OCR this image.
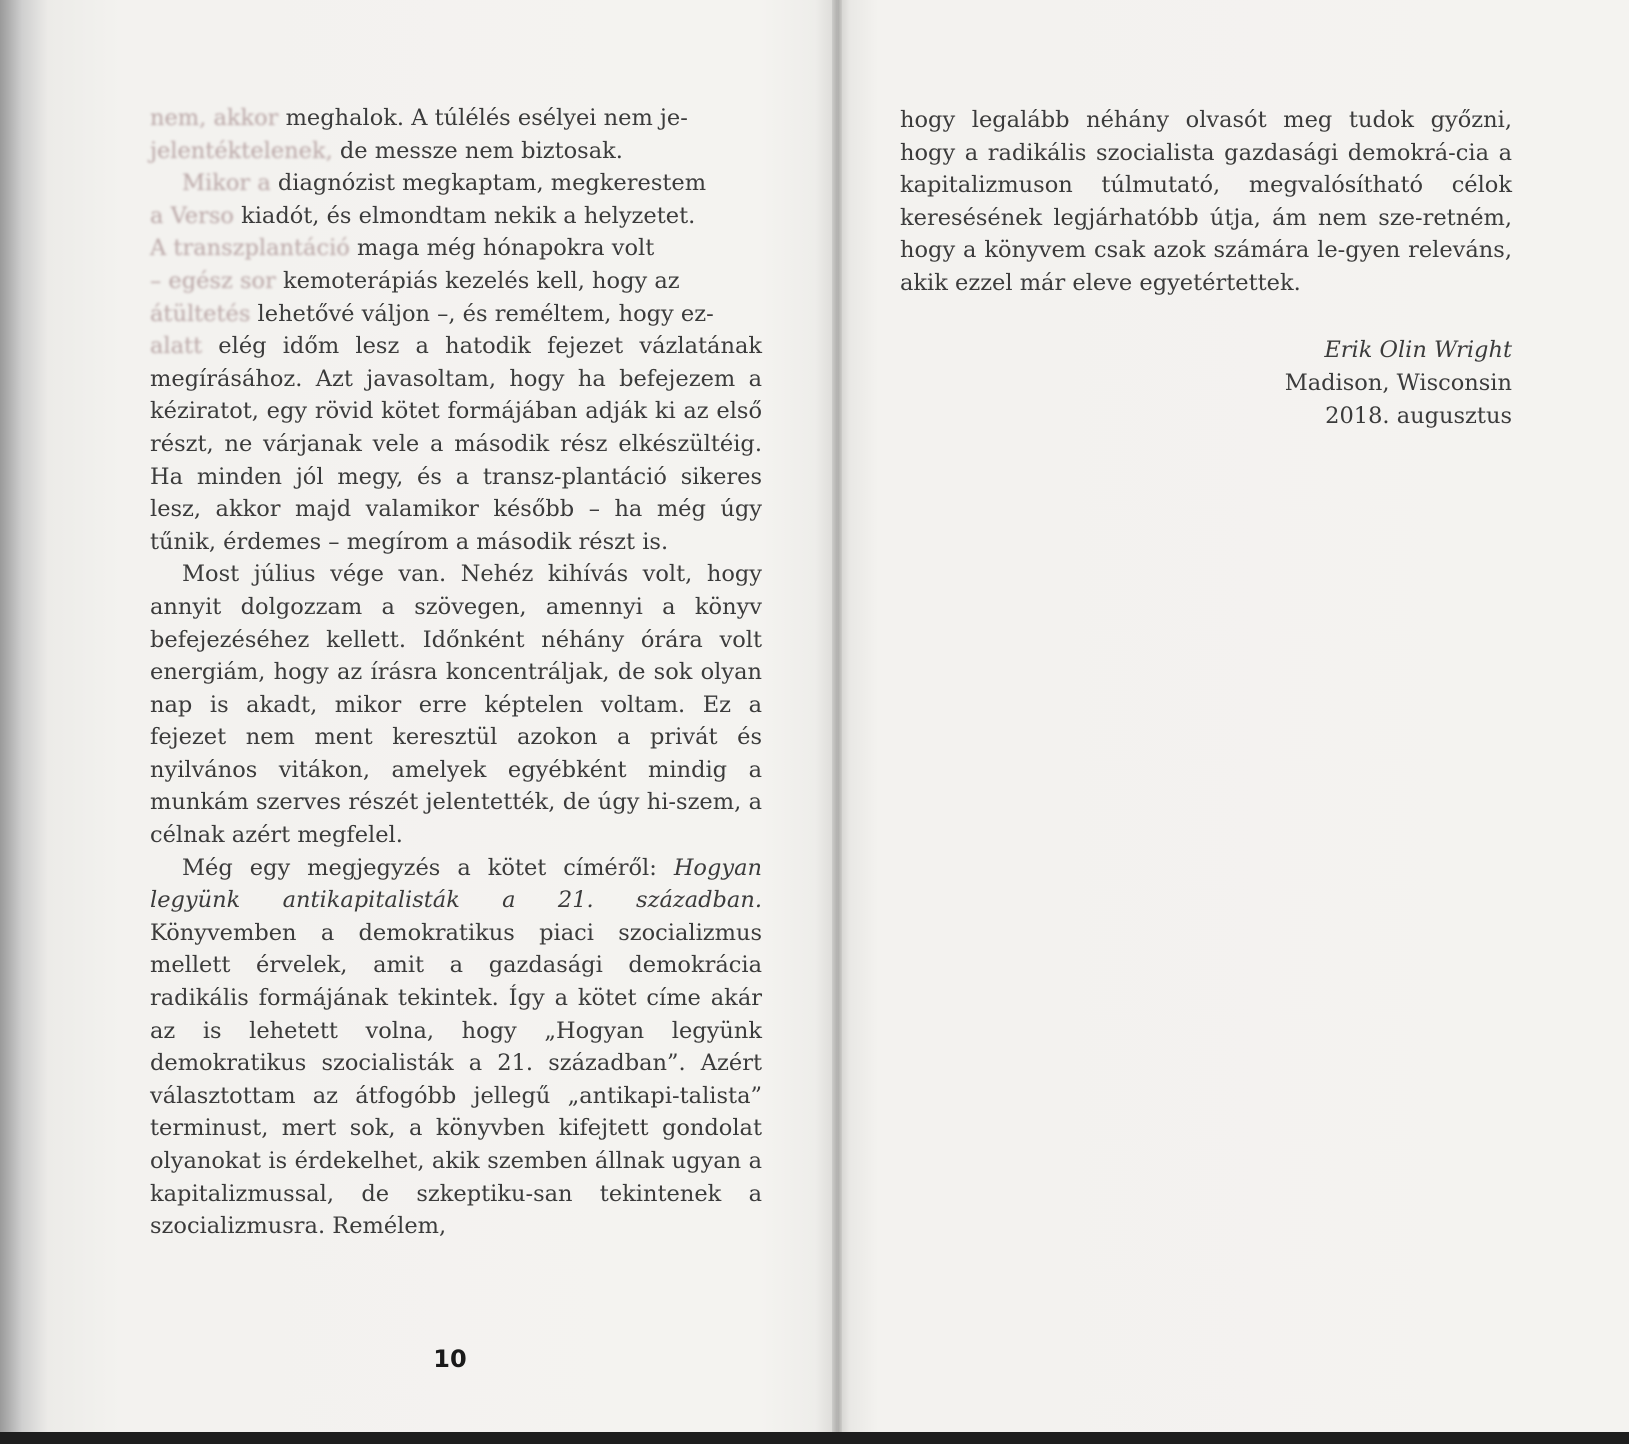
nem, akkor meghalok. A túlélés esélyei nem je-
jelentéktelenek, de messze nem biztosak.

Mikor a diagnózist megkaptam, megkerestem
a Verso kiadót, és elmondtam nekik a helyzetet.
A transzplantáció maga még hónapokra volt
– egész sor kemoterápiás kezelés kell, hogy az
átültetés lehetővé váljon –, és reméltem, hogy ez-
alatt elég időm lesz a hatodik fejezet vázlatának megírásához. Azt javasoltam, hogy ha befejezem a kéziratot, egy rövid kötet formájában adják ki az első részt, ne várjanak vele a második rész elkészültéig. Ha minden jól megy, és a transz-plantáció sikeres lesz, akkor majd valamikor később – ha még úgy tűnik, érdemes – megírom a második részt is.

Most július vége van. Nehéz kihívás volt, hogy annyit dolgozzam a szövegen, amennyi a könyv befejezéséhez kellett. Időnként néhány órára volt energiám, hogy az írásra koncentráljak, de sok olyan nap is akadt, mikor erre képtelen voltam. Ez a fejezet nem ment keresztül azokon a privát és nyilvános vitákon, amelyek egyébként mindig a munkám szerves részét jelentették, de úgy hi-szem, a célnak azért megfelel.

Még egy megjegyzés a kötet címéről: Hogyan legyünk antikapitalisták a 21. században. Könyvemben a demokratikus piaci szocializmus mellett érvelek, amit a gazdasági demokrácia radikális formájának tekintek. Így a kötet címe akár az is lehetett volna, hogy „Hogyan legyünk demokratikus szocialisták a 21. században”. Azért választottam az átfogóbb jellegű „antikapi-talista” terminust, mert sok, a könyvben kifejtett gondolat olyanokat is érdekelhet, akik szemben állnak ugyan a kapitalizmussal, de szkeptiku-san tekintenek a szocializmusra. Remélem,

10

hogy legalább néhány olvasót meg tudok győzni, hogy a radikális szocialista gazdasági demokrá-cia a kapitalizmuson túlmutató, megvalósítható célok keresésének legjárhatóbb útja, ám nem sze-retném, hogy a könyvem csak azok számára le-gyen releváns, akik ezzel már eleve egyetértettek.

Erik Olin Wright
Madison, Wisconsin
2018. augusztus
